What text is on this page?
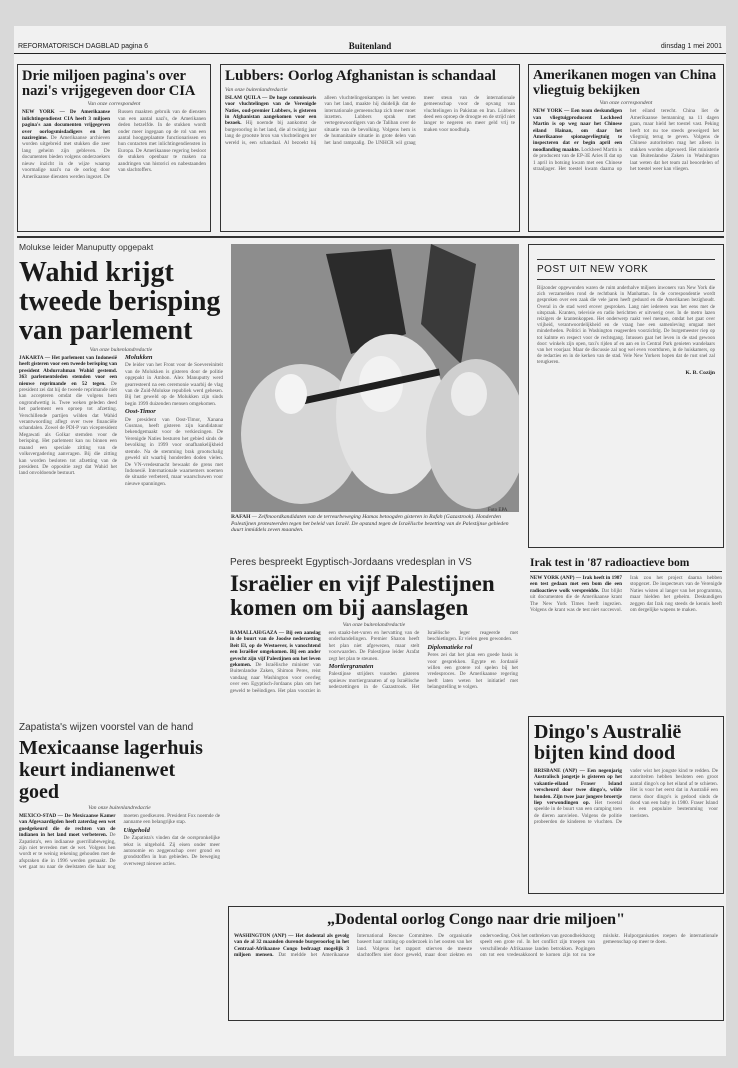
REFORMATORISCH DAGBLAD pagina 6	Buitenland	dinsdag 1 mei 2001
Drie miljoen pagina's over nazi's vrijgegeven door CIA
Van onze correspondent
NEW YORK — De Amerikaanse inlichtingendienst CIA heeft 3 miljoen pagina's aan documenten vrijgegeven over oorlogsmisdadigers en het naziregime. De Amerikaanse archieven worden uitgebreid met stukken die zeer lang geheim zijn gebleven. De documenten bieden volgens onderzoekers nieuw inzicht in de wijze waarop voormalige nazi's na de oorlog door Amerikaanse diensten werden ingezet. De Russen maakten gebruik van de diensten van een aantal nazi's, de Amerikanen deden hetzelfde. In de stukken wordt onder meer ingegaan op de rol van een aantal hooggeplaatste functionarissen en hun contacten met inlichtingendiensten in Europa. De Amerikaanse regering besloot de stukken openbaar te maken na aandringen van historici en nabestaanden van slachtoffers.
Lubbers: Oorlog Afghanistan is schandaal
Van onze buitenlandredactie
ISLAM QUILA — De hoge commissaris voor vluchtelingen van de Verenigde Naties, oud-premier Lubbers, is gisteren in Afghanistan aangekomen voor een bezoek. Hij noemde bij aankomst de burgeroorlog in het land, die al twintig jaar lang de grootste bron van vluchtelingen ter wereld is, een schandaal. Al bezoekt hij alleen vluchtelingenkampen in het westen van het land, maakte hij duidelijk dat de internationale gemeenschap zich meer moet inzetten. Lubbers sprak met vertegenwoordigers van de Taliban over de situatie van de bevolking. Volgens hem is de humanitaire situatie in grote delen van het land rampzalig. De UNHCR wil graag meer steun van de internationale gemeenschap voor de opvang van vluchtelingen in Pakistan en Iran. Lubbers deed een oproep de droogte en de strijd niet langer te negeren en meer geld vrij te maken voor noodhulp.
Amerikanen mogen van China vliegtuig bekijken
Van onze correspondent
NEW YORK — Een team deskundigen van vliegtuigproducent Lockheed Martin is op weg naar het Chinese eiland Hainan, om daar het Amerikaanse spionagevliegtuig te inspecteren dat er begin april een noodlanding maakte. Lockheed Martin is de producent van de EP-3E Aries II dat op 1 april in botsing kwam met een Chinese straaljager. Het toestel kwam daarna op het eiland terecht. China liet de Amerikaanse bemanning na 11 dagen gaan, maar hield het toestel vast. Peking heeft tot nu toe steeds geweigerd het vliegtuig terug te geven. Volgens de Chinese autoriteiten mag het alleen in stukken worden afgevoerd. Het ministerie van Buitenlandse Zaken in Washington laat weten dat het team zal beoordelen of het toestel weer kan vliegen.
Molukse leider Manuputty opgepakt
Wahid krijgt tweede berisping van parlement
Van onze buitenlandredactie
JAKARTA — Het parlement van Indonesië heeft gisteren voor een tweede berisping van president Abdurrahman Wahid gestemd. 363 parlementsleden stemden voor een nieuwe reprimande en 52 tegen. De president zei dat hij de tweede reprimande niet kan accepteren omdat die volgens hem ongrondwettig is. Twee weken geleden deed het parlement een oproep tot afzetting. Verschillende partijen wilden dat Wahid verantwoording aflegt over twee financiële schandalen. Zowel de PDI-P van vicepresident Megawati als Golkar stemden voor de berisping. Het parlement kan nu binnen een maand een speciale zitting van de volksvergadering aanvragen. Bij die zitting kan worden besloten tot afzetting van de president. De oppositie zegt dat Wahid het land onvoldoende bestuurt.
Molukken
De leider van het Front voor de Soevereiniteit van de Molukken is gisteren door de politie opgepakt in Ambon. Alex Manuputty werd gearresteerd na een ceremonie waarbij de vlag van de Zuid-Molukse republiek werd gehesen. Bij het geweld op de Molukken zijn sinds begin 1999 duizenden mensen omgekomen.
Oost-Timor
De president van Oost-Timor, Xanana Gusmao, heeft gisteren zijn kandidatuur bekendgemaakt voor de verkiezingen. De Verenigde Naties besturen het gebied sinds de bevolking in 1999 voor onafhankelijkheid stemde. Na de stemming brak grootschalig geweld uit waarbij honderden doden vielen. De VN-vredesmacht bewaakt de grens met Indonesië. Internationale waarnemers noemen de situatie verbeterd, maar waarschuwen voor nieuwe spanningen.
RAFAH — Zelfmoordkandidaten van de terreurbeweging Hamas betoogden gisteren in Rafah (Gazastrook). Honderden Palestijnen protesteerden tegen het beleid van Israël. De opstand tegen de Israëlische bezetting van de Palestijnse gebieden duurt inmiddels zeven maanden.
Foto EPA
POST UIT NEW YORK
Bijzonder opgewonden waren de ruim anderhalve miljoen inwoners van New York die zich verzamelden rond de rechtbank in Manhattan. In de correspondentie wordt gesproken over een zaak die vele jaren heeft geduurd en die Amerikanen bezighoudt. Overal in de stad werd erover gesproken. Lang niet iedereen was het eens met de uitspraak. Kranten, televisie en radio berichtten er uitvoerig over. In de metro lazen reizigers de krantenkoppen. Het onderwerp raakt veel mensen, omdat het gaat over vrijheid, verantwoordelijkheid en de vraag hoe een samenleving omgaat met minderheden. Politici in Washington reageerden voorzichtig. De burgemeester riep op tot kalmte en respect voor de rechtsgang. Intussen gaat het leven in de stad gewoon door: winkels zijn open, taxi's rijden af en aan en in Central Park genieten wandelaars van het voorjaar. Maar de discussie zal nog wel even voortduren, in de huiskamers, op de redacties en in de kerken van de stad. Vele New Yorkers hopen dat de rust snel zal terugkeren.
K. B. Cozijn
Peres bespreekt Egyptisch-Jordaans vredesplan in VS
Israëlier en vijf Palestijnen komen om bij aanslagen
Van onze buitenlandredactie
RAMALLAH/GAZA — Bij een aanslag in de buurt van de Joodse nederzetting Beit El, op de Westoever, is vanochtend een Israëlier omgekomen. Bij een ander gevecht zijn vijf Palestijnen om het leven gekomen. De Israëlische minister van Buitenlandse Zaken, Shimon Peres, reist vandaag naar Washington voor overleg over een Egyptisch-Jordaans plan om het geweld te beëindigen. Het plan voorziet in een staakt-het-vuren en hervatting van de onderhandelingen. Premier Sharon heeft het plan niet afgewezen, maar stelt voorwaarden. De Palestijnse leider Arafat zegt het plan te steunen.
Mortiergranaten
Palestijnse strijders vuurden gisteren opnieuw mortiergranaten af op Israëlische nederzettingen in de Gazastrook. Het Israëlische leger reageerde met beschietingen. Er vielen geen gewonden.
Diplomatieke rol
Peres zei dat het plan een goede basis is voor gesprekken. Egypte en Jordanië willen een grotere rol spelen bij het vredesproces. De Amerikaanse regering heeft laten weten het initiatief met belangstelling te volgen.
Irak test in '87 radioactieve bom
NEW YORK (ANP) — Irak heeft in 1987 een test gedaan met een bom die een radioactieve wolk verspreidde. Dat blijkt uit documenten die de Amerikaanse krant The New York Times heeft ingezien. Volgens de krant was de test niet succesvol. Irak zou het project daarna hebben stopgezet. De inspecteurs van de Verenigde Naties wisten al langer van het programma, maar hielden het geheim. Deskundigen zeggen dat Irak nog steeds de kennis heeft om dergelijke wapens te maken.
Dingo's Australië bijten kind dood
BRISBANE (ANP) — Een negenjarig Australisch jongetje is gisteren op het vakantie-eiland Fraser Island verscheurd door twee dingo's, wilde honden. Zijn twee jaar jongere broertje liep verwondingen op. Het tweetal speelde in de buurt van een camping toen de dieren aanvielen. Volgens de politie probeerden de kinderen te vluchten. De vader wist het jongste kind te redden. De autoriteiten hebben besloten een groot aantal dingo's op het eiland af te schieten. Het is voor het eerst dat in Australië een mens door dingo's is gedood sinds de dood van een baby in 1980. Fraser Island is een populaire bestemming voor toeristen.
Zapatista's wijzen voorstel van de hand
Mexicaanse lagerhuis keurt indianenwet goed
Van onze buitenlandredactie
MEXICO-STAD — De Mexicaanse Kamer van Afgevaardigden heeft zaterdag een wet goedgekeurd die de rechten van de indianen in het land moet verbeteren. De Zapatista's, een indiaanse guerrillabeweging, zijn niet tevreden met de wet. Volgens hen wordt er te weinig rekening gehouden met de afspraken die in 1996 werden gemaakt. De wet gaat nu naar de deelstaten die haar nog moeten goedkeuren. President Fox noemde de aanname een belangrijke stap.
Uitgehold
De Zapatista's vinden dat de oorspronkelijke tekst is uitgehold. Zij eisen onder meer autonomie en zeggenschap over grond en grondstoffen in hun gebieden. De beweging overweegt nieuwe acties.
„Dodental oorlog Congo naar drie miljoen"
WASHINGTON (ANP) — Het dodental als gevolg van de al 32 maanden durende burgeroorlog in het Centraal-Afrikaanse Congo bedraagt mogelijk 3 miljoen mensen. Dat meldde het Amerikaanse International Rescue Committee. De organisatie baseert haar raming op onderzoek in het oosten van het land. Volgens het rapport stierven de meeste slachtoffers niet door geweld, maar door ziekten en ondervoeding. Ook het ontbreken van gezondheidszorg speelt een grote rol. In het conflict zijn troepen van verschillende Afrikaanse landen betrokken. Pogingen om tot een vredesakkoord te komen zijn tot nu toe mislukt. Hulporganisaties roepen de internationale gemeenschap op meer te doen.
